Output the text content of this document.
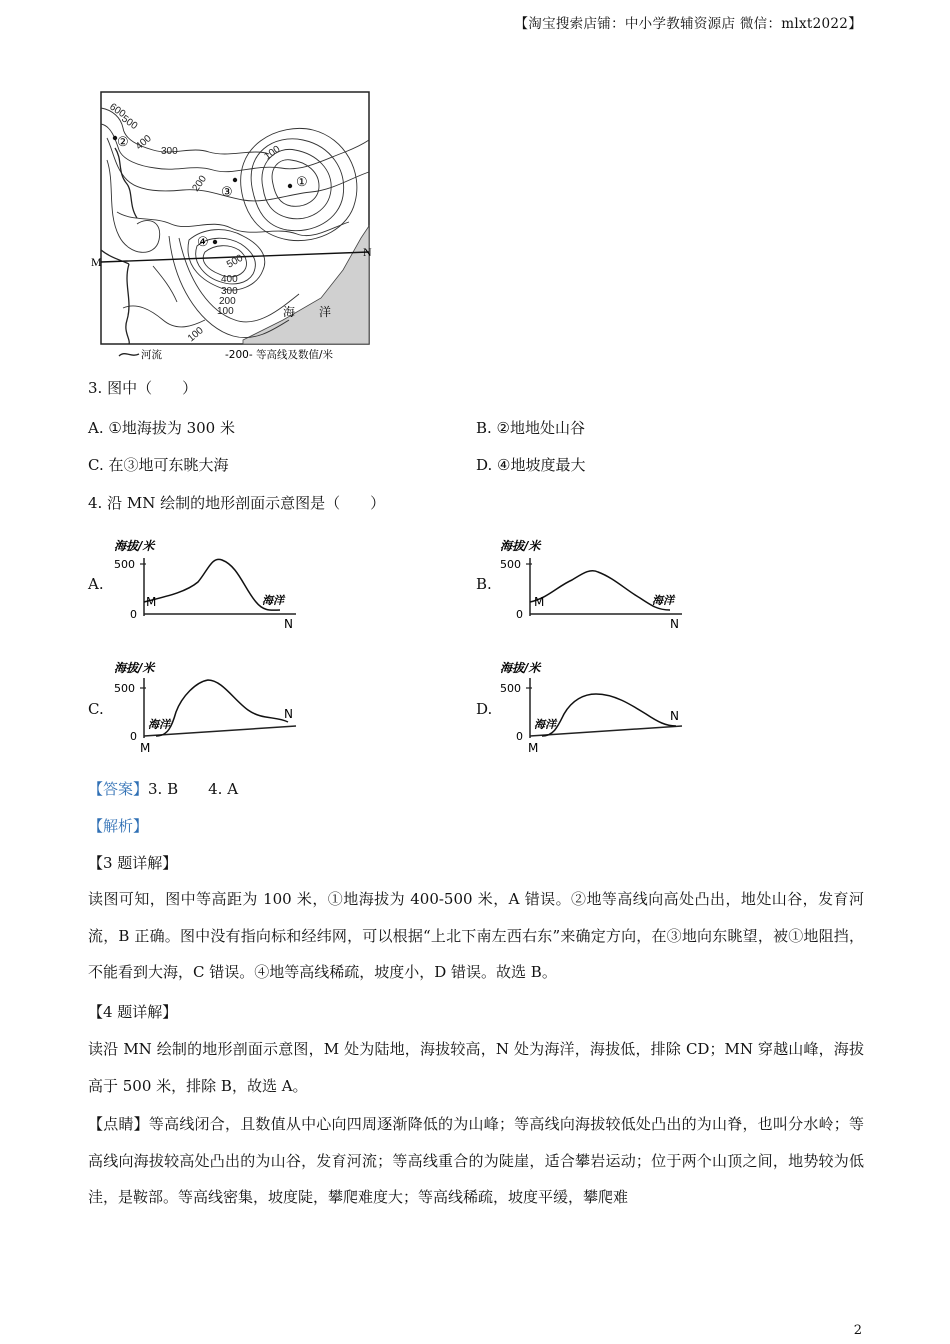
【淘宝搜索店铺：中小学教辅资源店 微信：mlxt2022】
M
N
①
②
③
④
600
500
400 300
200
100
500
400
300
200
100
100
海　　洋
河流	-200- 等高线及数值/米
3. 图中（　　）
A. ①地海拔为 300 米	B. ②地地处山谷
C. 在③地可东眺大海	D. ④地坡度最大
4. 沿 MN 绘制的地形剖面示意图是（　　）
A.
海拔/米
500
0
M
N
海洋
B.
海拔/米
500
0
M
N
海洋
C.
海拔/米
500
0
M
N
海洋
D.
海拔/米
500
0
M
N
海洋
【答案】3. B　　4. A
【解析】
【3 题详解】
读图可知，图中等高距为 100 米，①地海拔为 400-500 米，A 错误。②地等高线向高处凸出，地处山谷，发育河流，B 正确。图中没有指向标和经纬网，可以根据“上北下南左西右东”来确定方向，在③地向东眺望，被①地阻挡，不能看到大海，C 错误。④地等高线稀疏，坡度小，D 错误。故选 B。
【4 题详解】
读沿 MN 绘制的地形剖面示意图，M 处为陆地，海拔较高，N 处为海洋，海拔低，排除 CD；MN 穿越山峰，海拔高于 500 米，排除 B，故选 A。
【点睛】等高线闭合，且数值从中心向四周逐渐降低的为山峰；等高线向海拔较低处凸出的为山脊，也叫分水岭；等高线向海拔较高处凸出的为山谷，发育河流；等高线重合的为陡崖，适合攀岩运动；位于两个山顶之间，地势较为低洼，是鞍部。等高线密集，坡度陡，攀爬难度大；等高线稀疏，坡度平缓，攀爬难
2
